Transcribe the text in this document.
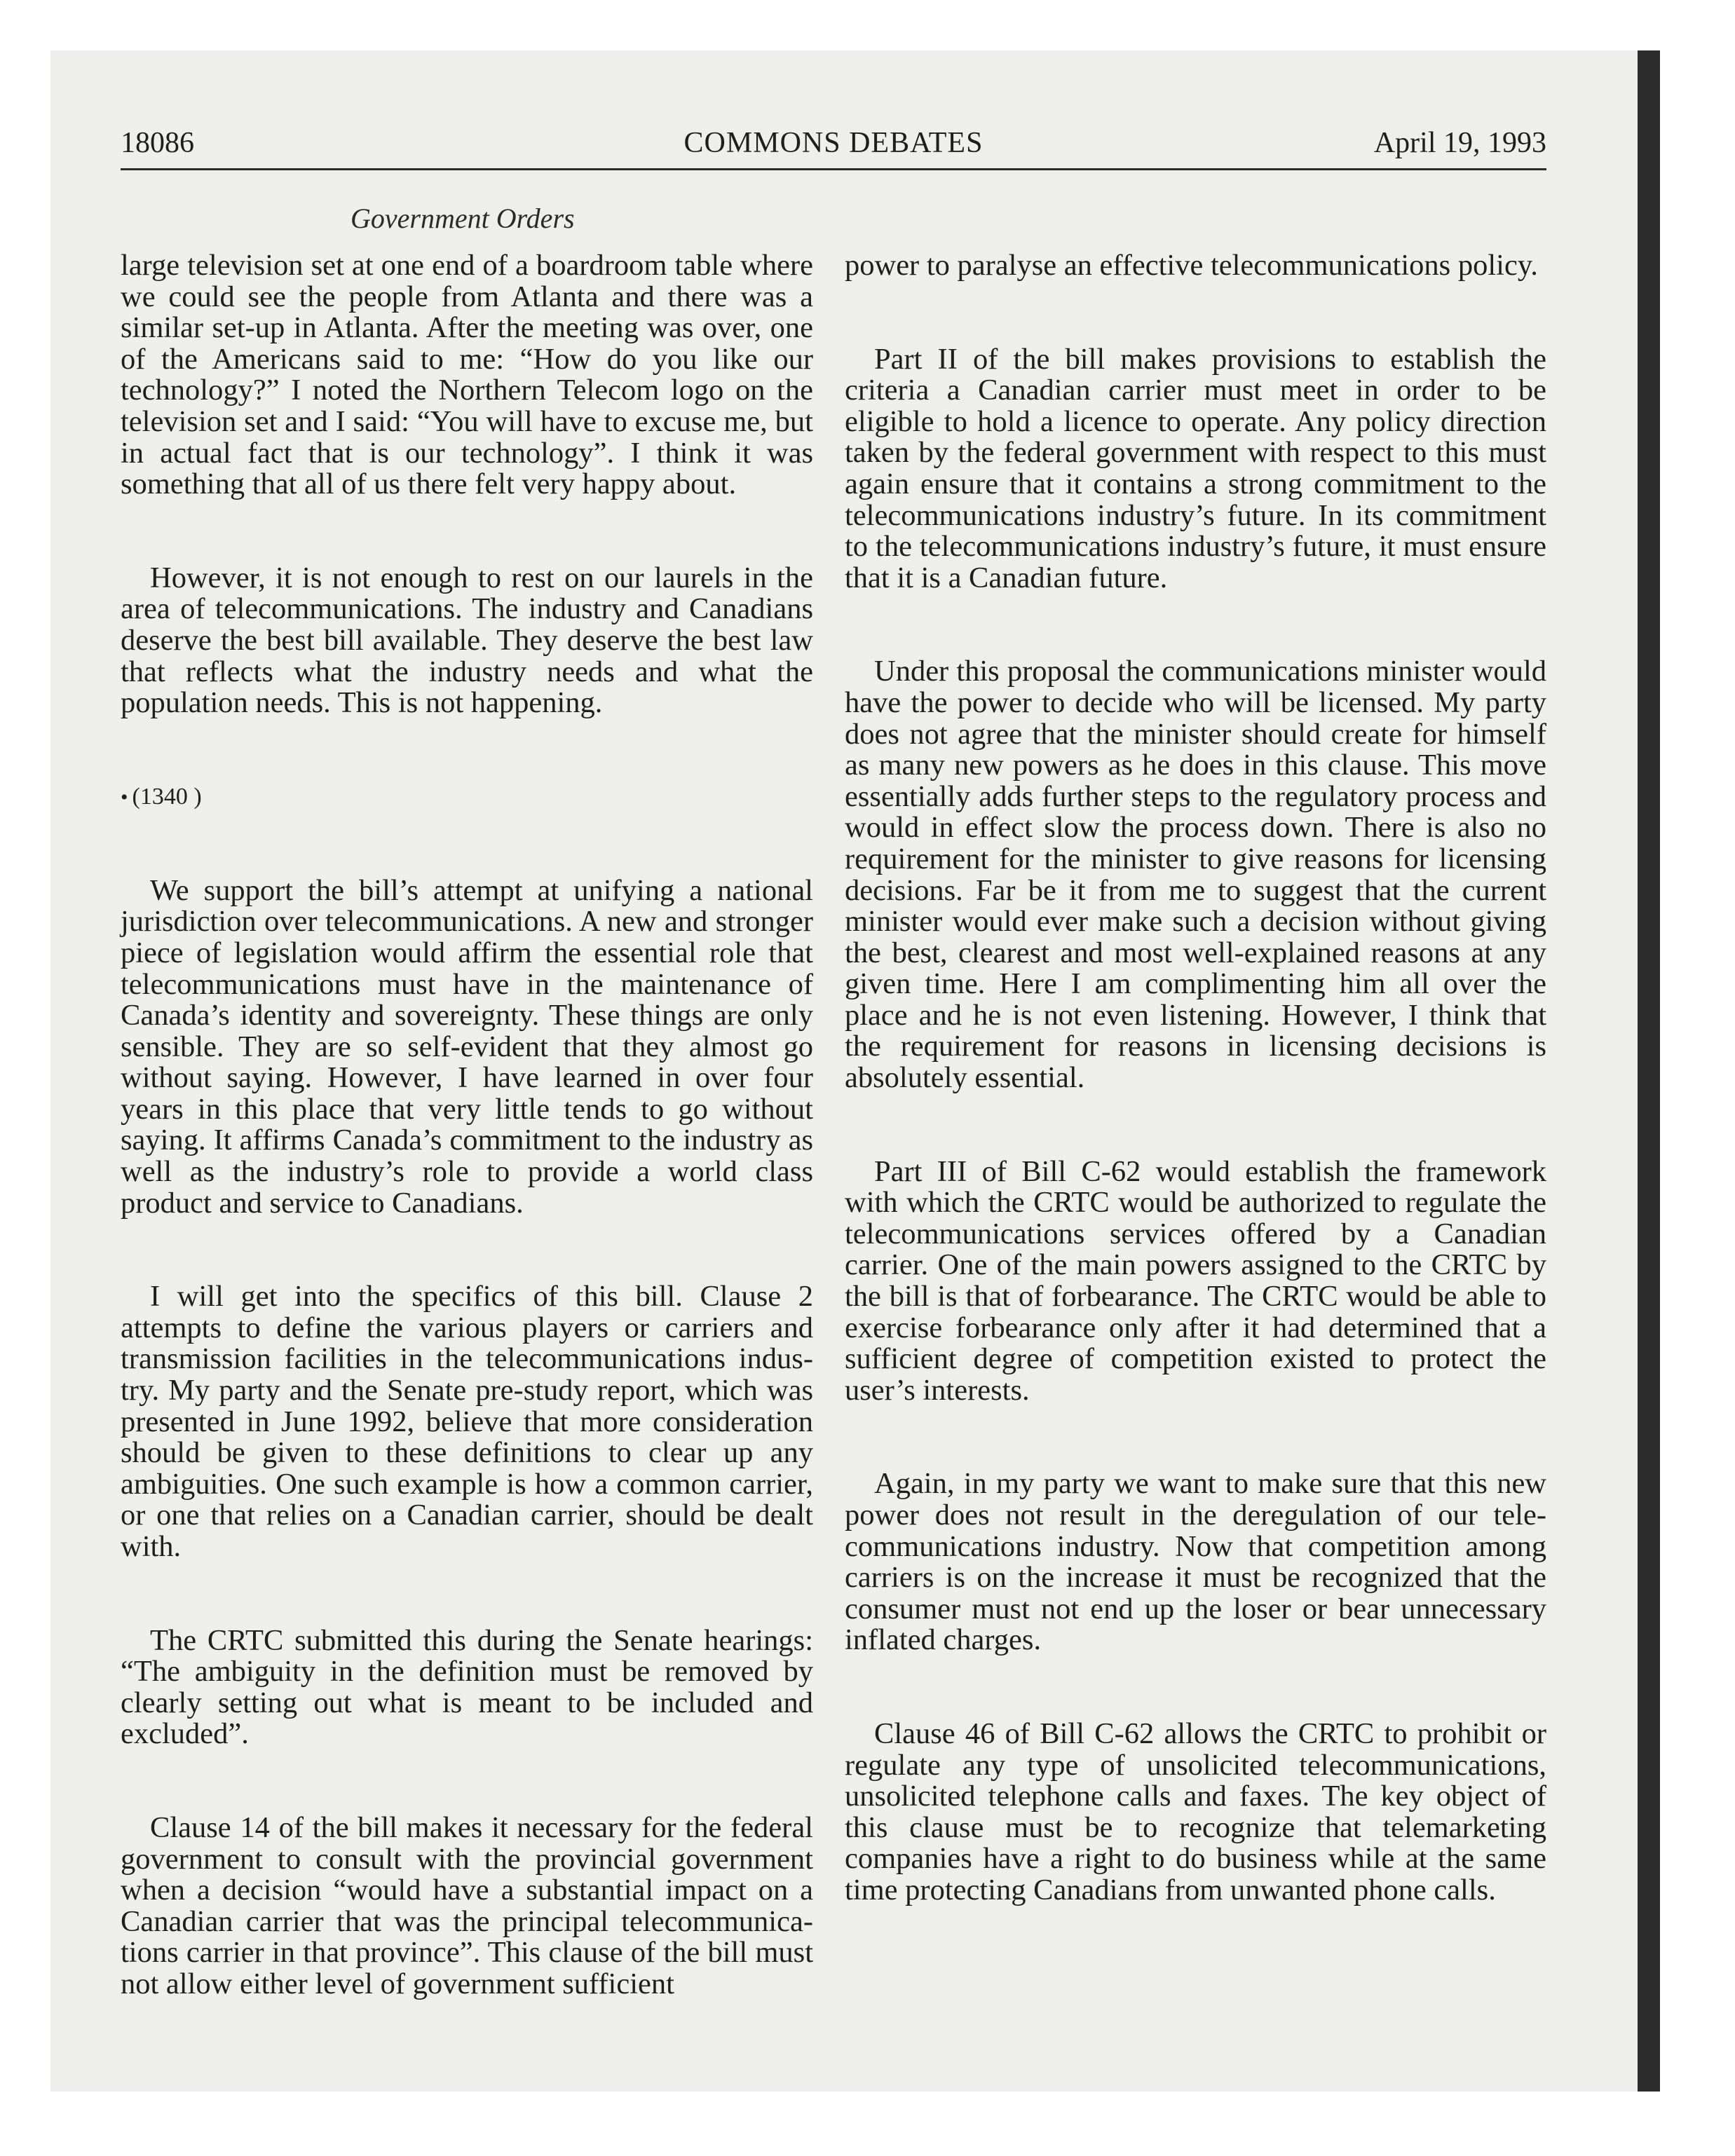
18086	COMMONS DEBATES	April 19, 1993
Government Orders

large television set at one end of a boardroom table where we could see the people from Atlanta and there was a similar set-up in Atlanta. After the meeting was over, one of the Americans said to me: “How do you like our technology?” I noted the Northern Telecom logo on the television set and I said: “You will have to excuse me, but in actual fact that is our technology”. I think it was something that all of us there felt very happy about.

However, it is not enough to rest on our laurels in the area of telecommunications. The industry and Canadians deserve the best bill available. They deserve the best law that reflects what the industry needs and what the population needs. This is not happening.

• (1340 )

We support the bill’s attempt at unifying a national jurisdiction over telecommunications. A new and stronger piece of legislation would affirm the essential role that telecommunications must have in the maintenance of Canada’s identity and sovereignty. These things are only sensible. They are so self-evident that they almost go without saying. However, I have learned in over four years in this place that very little tends to go without saying. It affirms Canada’s commitment to the industry as well as the industry’s role to provide a world class product and service to Canadians.

I will get into the specifics of this bill. Clause 2 attempts to define the various players or carriers and transmission facilities in the telecommunications industry. My party and the Senate pre-study report, which was presented in June 1992, believe that more consideration should be given to these definitions to clear up any ambiguities. One such example is how a common carrier, or one that relies on a Canadian carrier, should be dealt with.

The CRTC submitted this during the Senate hearings: “The ambiguity in the definition must be removed by clearly setting out what is meant to be included and excluded”.

Clause 14 of the bill makes it necessary for the federal government to consult with the provincial government when a decision “would have a substantial impact on a Canadian carrier that was the principal telecommunications carrier in that province”. This clause of the bill must not allow either level of government sufficient

power to paralyse an effective telecommunications policy.

Part II of the bill makes provisions to establish the criteria a Canadian carrier must meet in order to be eligible to hold a licence to operate. Any policy direction taken by the federal government with respect to this must again ensure that it contains a strong commitment to the telecommunications industry’s future. In its commitment to the telecommunications industry’s future, it must ensure that it is a Canadian future.

Under this proposal the communications minister would have the power to decide who will be licensed. My party does not agree that the minister should create for himself as many new powers as he does in this clause. This move essentially adds further steps to the regulatory process and would in effect slow the process down. There is also no requirement for the minister to give reasons for licensing decisions. Far be it from me to suggest that the current minister would ever make such a decision without giving the best, clearest and most well-explained reasons at any given time. Here I am complimenting him all over the place and he is not even listening. However, I think that the requirement for reasons in licensing decisions is absolutely essential.

Part III of Bill C-62 would establish the framework with which the CRTC would be authorized to regulate the telecommunications services offered by a Canadian carrier. One of the main powers assigned to the CRTC by the bill is that of forbearance. The CRTC would be able to exercise forbearance only after it had determined that a sufficient degree of competition existed to protect the user’s interests.

Again, in my party we want to make sure that this new power does not result in the deregulation of our telecommunications industry. Now that competition among carriers is on the increase it must be recognized that the consumer must not end up the loser or bear unnecessary inflated charges.

Clause 46 of Bill C-62 allows the CRTC to prohibit or regulate any type of unsolicited telecommunications, unsolicited telephone calls and faxes. The key object of this clause must be to recognize that telemarketing companies have a right to do business while at the same time protecting Canadians from unwanted phone calls.
